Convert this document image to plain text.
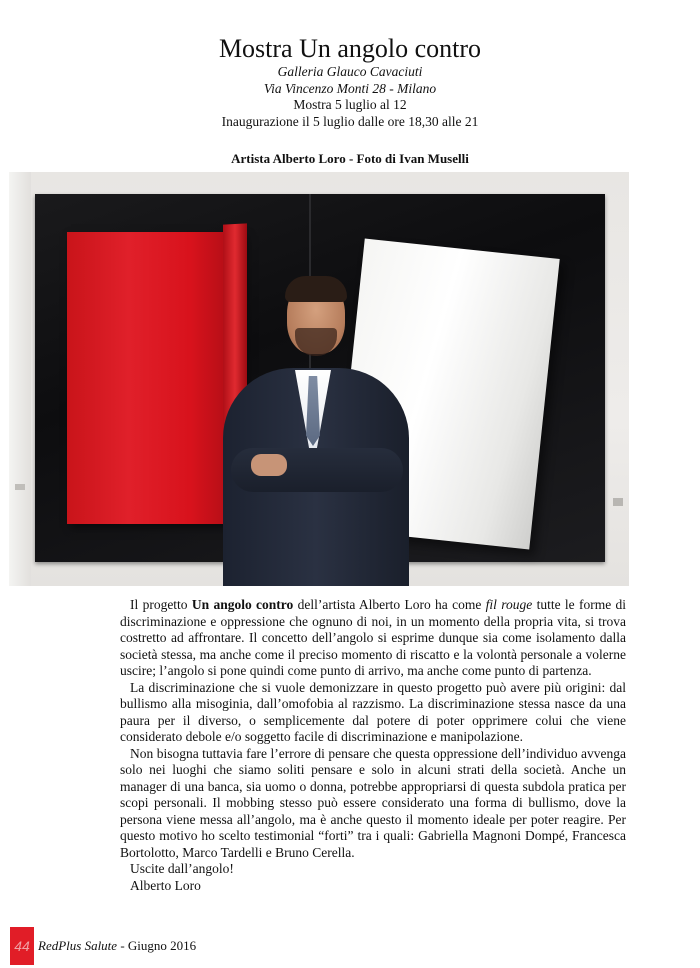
Mostra Un angolo contro
Galleria Glauco Cavaciuti
Via Vincenzo Monti 28 - Milano
Mostra 5 luglio al 12
Inaugurazione il 5 luglio dalle ore 18,30 alle 21
Artista Alberto Loro - Foto di Ivan Muselli

Il progetto Un angolo contro dell’artista Alberto Loro ha come fil rouge tutte le forme di discriminazione e oppressione che ognuno di noi, in un momento della propria vita, si trova costretto ad affrontare. Il concetto dell’angolo si esprime dunque sia come isolamento dalla società stessa, ma anche come il preciso momento di riscatto e la volontà personale a volerne uscire; l’angolo si pone quindi come punto di arrivo, ma anche come punto di partenza.

La discriminazione che si vuole demonizzare in questo progetto può avere più origini: dal bullismo alla misoginia, dall’omofobia al razzismo. La discriminazione stessa nasce da una paura per il diverso, o semplicemente dal potere di poter opprimere colui che viene considerato debole e/o soggetto facile di discriminazione e manipolazione.

Non bisogna tuttavia fare l’errore di pensare che questa oppressione dell’individuo avvenga solo nei luoghi che siamo soliti pensare e solo in alcuni strati della società. Anche un manager di una banca, sia uomo o donna, potrebbe appropriarsi di questa subdola pratica per scopi personali. Il mobbing stesso può essere considerato una forma di bullismo, dove la persona viene messa all’angolo, ma è anche questo il momento ideale per poter reagire. Per questo motivo ho scelto testimonial “forti” tra i quali: Gabriella Magnoni Dompé, Francesca Bortolotto, Marco Tardelli e Bruno Cerella.

Uscite dall’angolo!

Alberto Loro

44 RedPlus Salute - Giugno 2016
